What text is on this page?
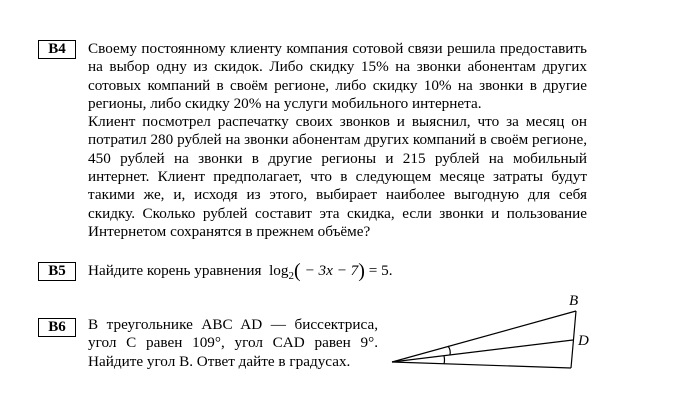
B4	Своему постоянному клиенту компания сотовой связи решила предоставить на выбор одну из скидок. Либо скидку 15% на звонки абонентам других сотовых компаний в своём регионе, либо скидку 10% на звонки в другие регионы, либо скидку 20% на услуги мобильного интернета.

Клиент посмотрел распечатку своих звонков и выяснил, что за месяц он потратил 280 рублей на звонки абонентам других компаний в своём регионе, 450 рублей на звонки в другие регионы и 215 рублей на мобильный интернет. Клиент предполагает, что в следующем месяце затраты будут такими же, и, исходя из этого, выбирает наиболее выгодную для себя скидку. Сколько рублей составит эта скидка, если звонки и пользование Интернетом сохранятся в прежнем объёме?

B5	Найдите корень уравнения $\log_2( - 3x - 7) = 5$.
B6	В треугольнике ABC AD — биссектриса, угол C равен 109°, угол CAD равен 9°. Найдите угол B. Ответ дайте в градусах.

B
D
